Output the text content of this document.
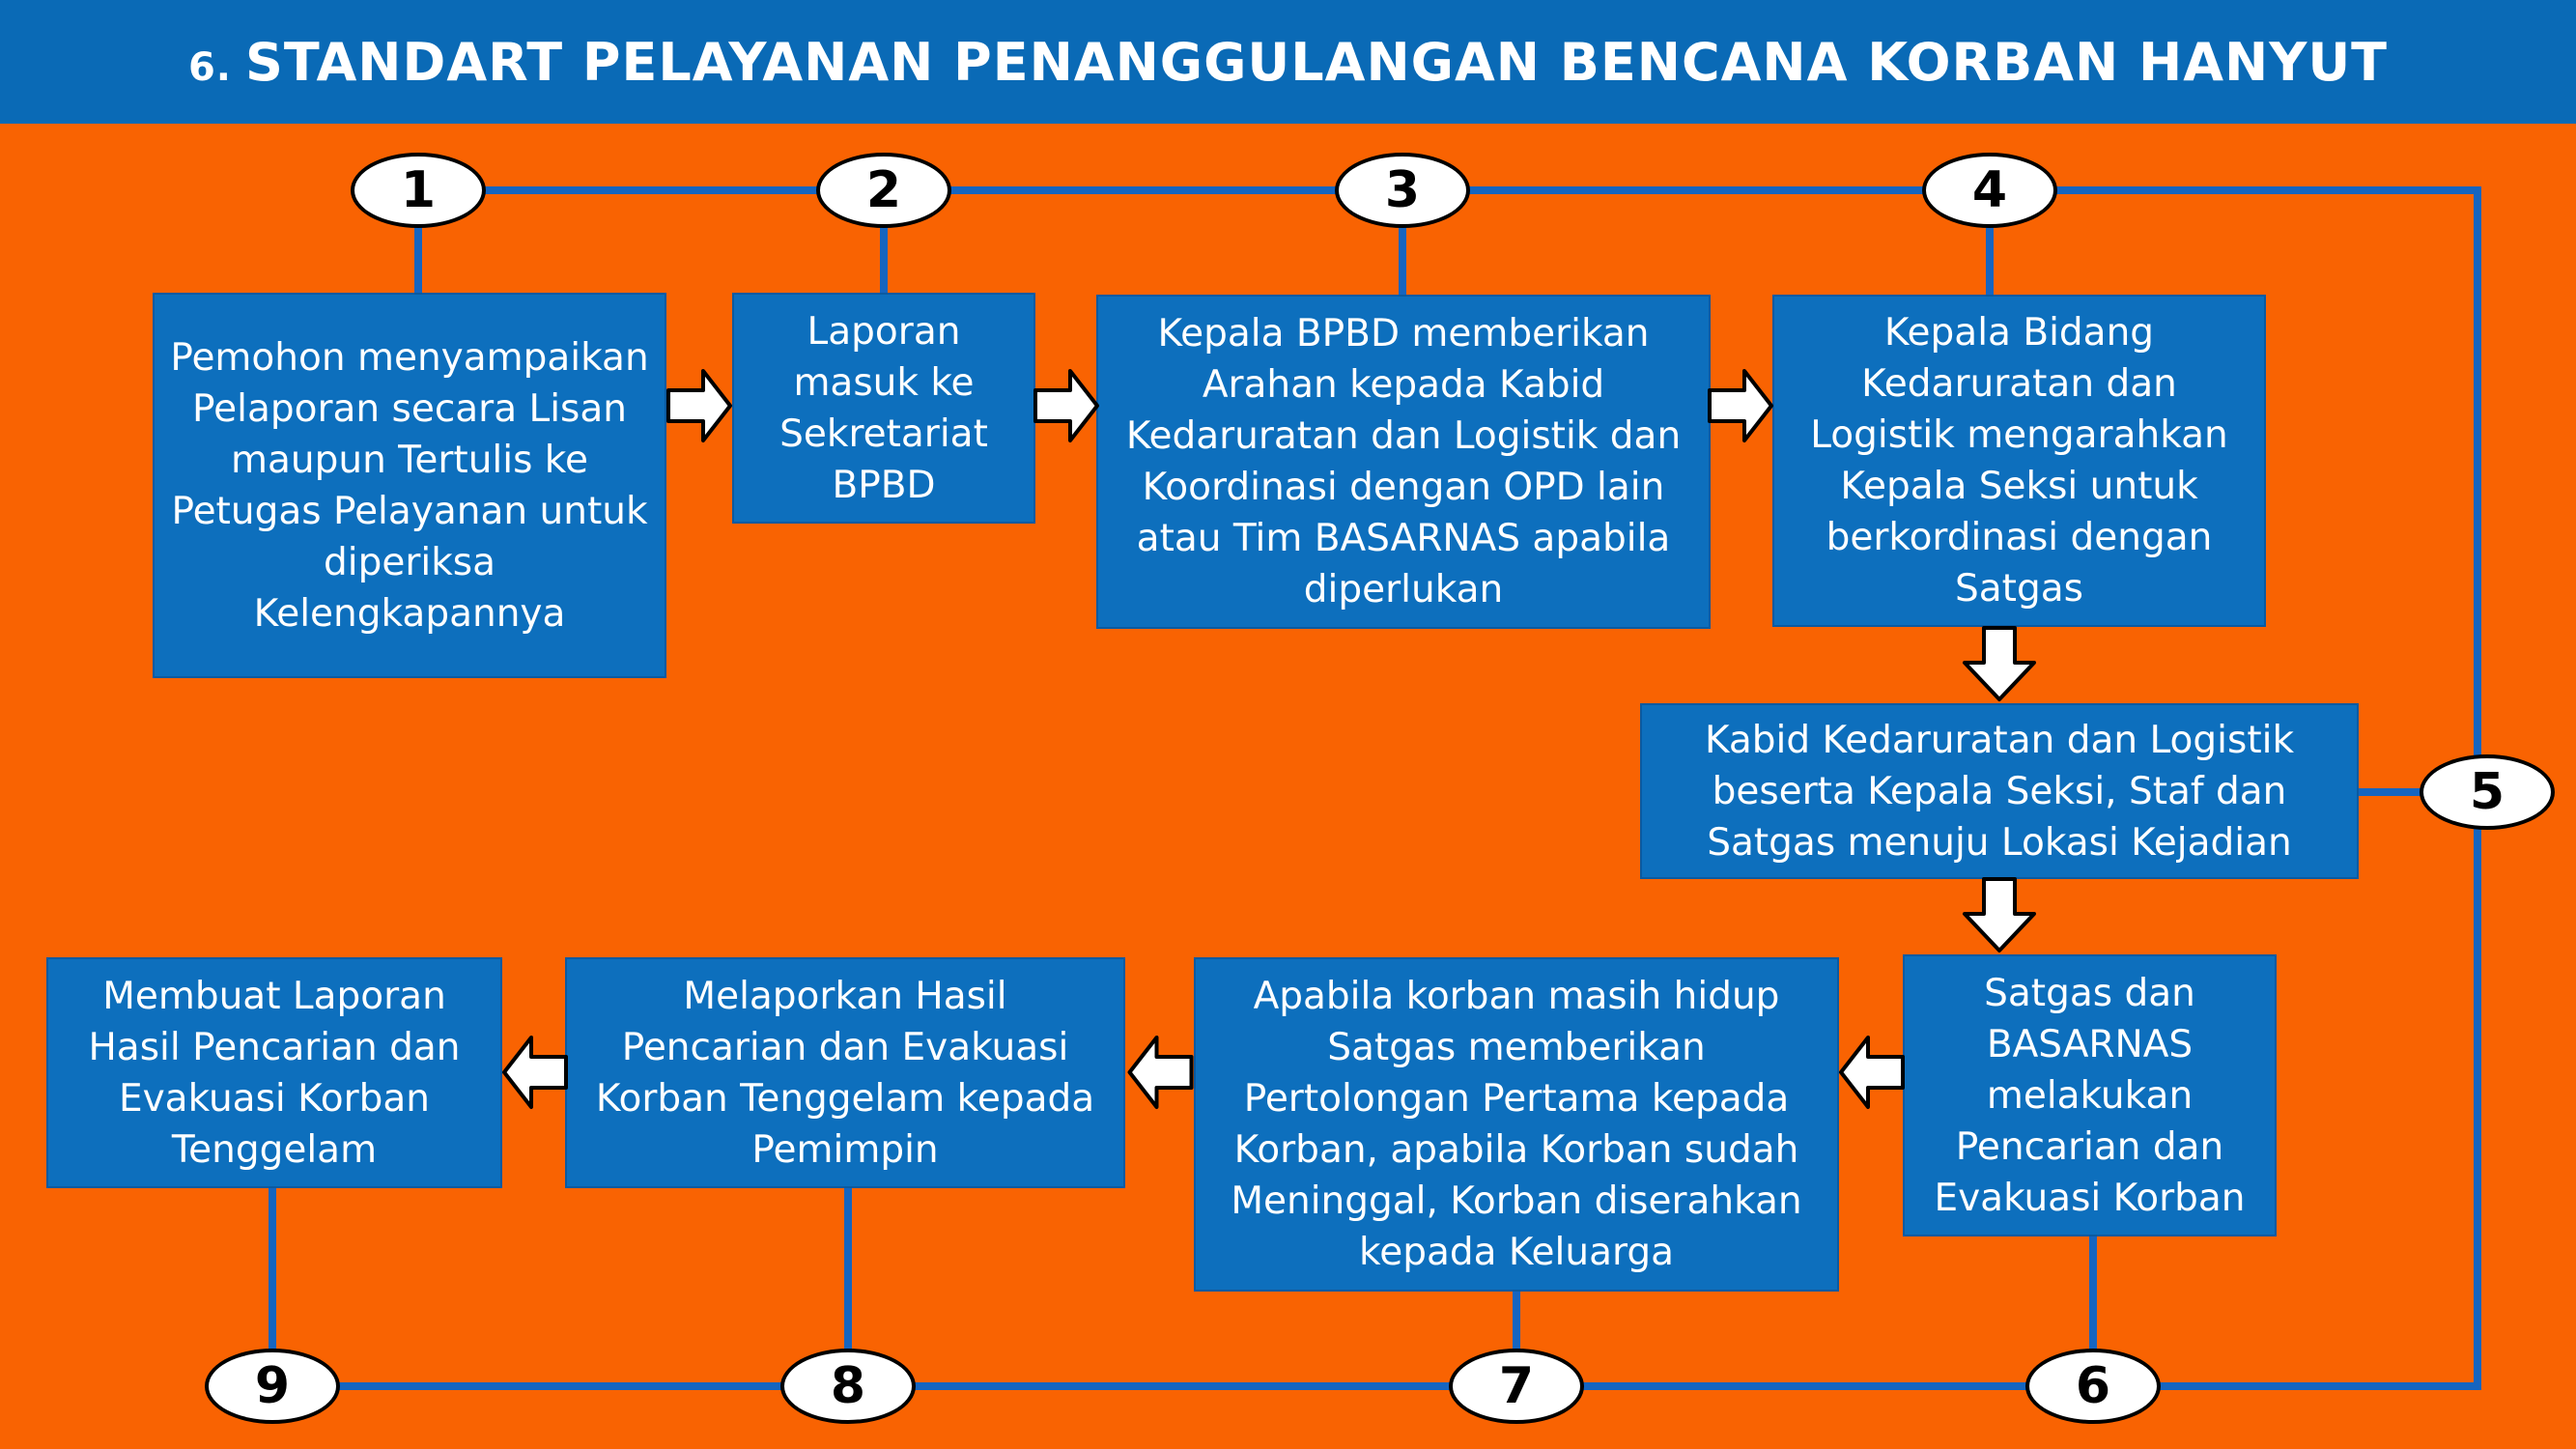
6. STANDART PELAYANAN PENANGGULANGAN BENCANA KORBAN HANYUT
Pemohon menyampaikan Pelaporan secara Lisan maupun Tertulis ke Petugas Pelayanan untuk diperiksa Kelengkapannya
Laporan masuk ke Sekretariat BPBD
Kepala BPBD memberikan Arahan kepada Kabid Kedaruratan dan Logistik dan Koordinasi dengan OPD lain atau Tim BASARNAS apabila diperlukan
Kepala Bidang Kedaruratan dan Logistik mengarahkan Kepala Seksi untuk berkordinasi dengan Satgas
Kabid Kedaruratan dan Logistik beserta Kepala Seksi, Staf dan Satgas menuju Lokasi Kejadian
Satgas dan BASARNAS melakukan Pencarian dan Evakuasi Korban
Apabila korban masih hidup Satgas memberikan Pertolongan Pertama kepada Korban, apabila Korban sudah Meninggal, Korban diserahkan kepada Keluarga
Melaporkan Hasil Pencarian dan Evakuasi Korban Tenggelam kepada Pemimpin
Membuat Laporan Hasil Pencarian dan Evakuasi Korban Tenggelam
1	2	3	4
5
6
7
8
9
